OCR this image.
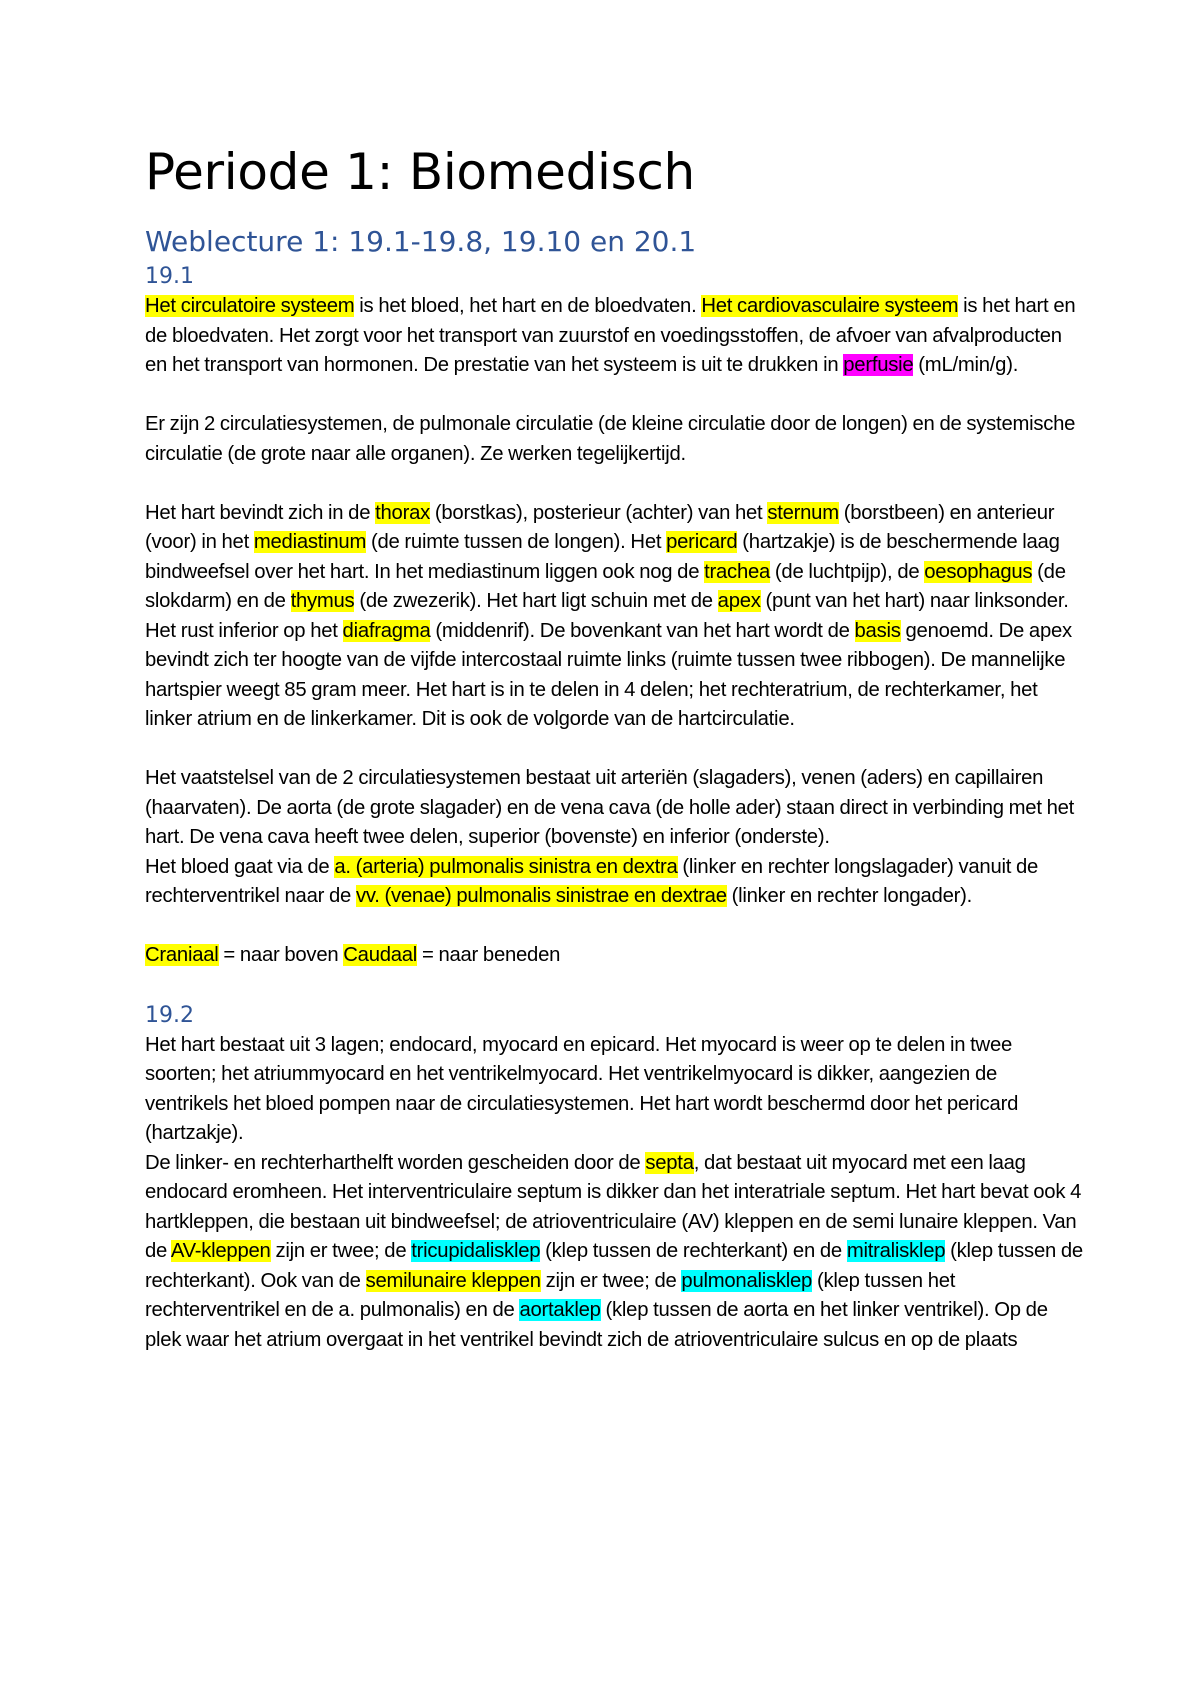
Periode 1: Biomedisch
Weblecture 1: 19.1-19.8, 19.10 en 20.1
19.1

Het circulatoire systeem is het bloed, het hart en de bloedvaten. Het cardiovasculaire systeem is het hart en de bloedvaten. Het zorgt voor het transport van zuurstof en voedingsstoffen, de afvoer van afvalproducten en het transport van hormonen. De prestatie van het systeem is uit te drukken in perfusie (mL/min/g).

Er zijn 2 circulatiesystemen, de pulmonale circulatie (de kleine circulatie door de longen) en de systemische circulatie (de grote naar alle organen). Ze werken tegelijkertijd.

Het hart bevindt zich in de thorax (borstkas), posterieur (achter) van het sternum (borstbeen) en anterieur (voor) in het mediastinum (de ruimte tussen de longen). Het pericard (hartzakje) is de beschermende laag bindweefsel over het hart. In het mediastinum liggen ook nog de trachea (de luchtpijp), de oesophagus (de slokdarm) en de thymus (de zwezerik). Het hart ligt schuin met de apex (punt van het hart) naar linksonder. Het rust inferior op het diafragma (middenrif). De bovenkant van het hart wordt de basis genoemd. De apex bevindt zich ter hoogte van de vijfde intercostaal ruimte links (ruimte tussen twee ribbogen). De mannelijke hartspier weegt 85 gram meer. Het hart is in te delen in 4 delen; het rechteratrium, de rechterkamer, het linker atrium en de linkerkamer. Dit is ook de volgorde van de hartcirculatie.

Het vaatstelsel van de 2 circulatiesystemen bestaat uit arteriën (slagaders), venen (aders) en capillairen (haarvaten). De aorta (de grote slagader) en de vena cava (de holle ader) staan direct in verbinding met het hart. De vena cava heeft twee delen, superior (bovenste) en inferior (onderste).

Het bloed gaat via de a. (arteria) pulmonalis sinistra en dextra (linker en rechter longslagader) vanuit de rechterventrikel naar de vv. (venae) pulmonalis sinistrae en dextrae (linker en rechter longader).

Craniaal = naar boven Caudaal = naar beneden

19.2

Het hart bestaat uit 3 lagen; endocard, myocard en epicard. Het myocard is weer op te delen in twee soorten; het atriummyocard en het ventrikelmyocard. Het ventrikelmyocard is dikker, aangezien de ventrikels het bloed pompen naar de circulatiesystemen. Het hart wordt beschermd door het pericard (hartzakje).

De linker- en rechterharthelft worden gescheiden door de septa, dat bestaat uit myocard met een laag endocard eromheen. Het interventriculaire septum is dikker dan het interatriale septum. Het hart bevat ook 4 hartkleppen, die bestaan uit bindweefsel; de atrioventriculaire (AV) kleppen en de semi lunaire kleppen. Van de AV-kleppen zijn er twee; de tricupidalisklep (klep tussen de rechterkant) en de mitralisklep (klep tussen de rechterkant). Ook van de semilunaire kleppen zijn er twee; de pulmonalisklep (klep tussen het rechterventrikel en de a. pulmonalis) en de aortaklep (klep tussen de aorta en het linker ventrikel). Op de plek waar het atrium overgaat in het ventrikel bevindt zich de atrioventriculaire sulcus en op de plaats
